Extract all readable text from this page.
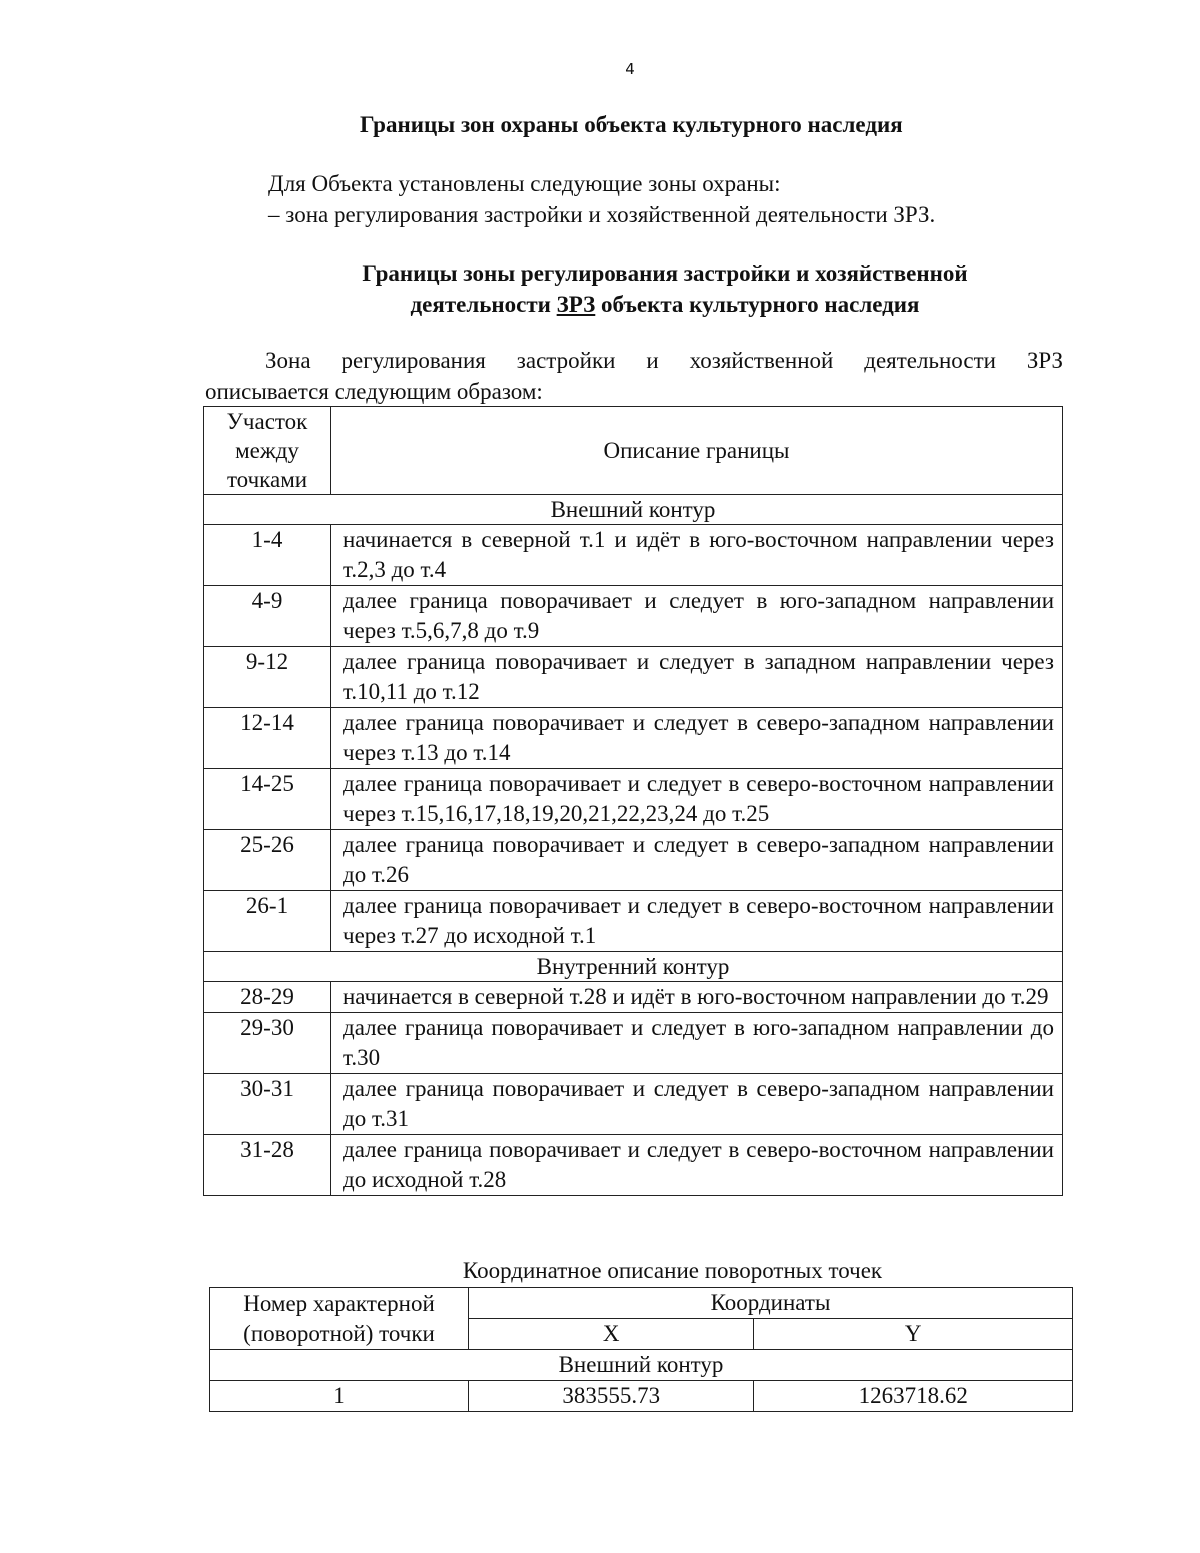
4
Границы зон охраны объекта культурного наследия
Для Объекта установлены следующие зоны охраны:
– зона регулирования застройки и хозяйственной деятельности ЗРЗ.
Границы зоны регулирования застройки и хозяйственной
деятельности ЗРЗ объекта культурного наследия
Зона регулирования застройки и хозяйственной деятельности ЗРЗ
описывается следующим образом:
Участок между точками	Описание границы
Внешний контур	
1-4	начинается в северной т.1 и идёт в юго-восточном направлении через т.2,3 до т.4
4-9	далее граница поворачивает и следует в юго-западном направлении через т.5,6,7,8 до т.9
9-12	далее граница поворачивает и следует в западном направлении через т.10,11 до т.12
12-14	далее граница поворачивает и следует в северо-западном направлении через т.13 до т.14
14-25	далее граница поворачивает и следует в северо-восточном направлении через т.15,16,17,18,19,20,21,22,23,24 до т.25
25-26	далее граница поворачивает и следует в северо-западном направлении до т.26
26-1	далее граница поворачивает и следует в северо-восточном направлении через т.27 до исходной т.1
Внутренний контур	
28-29	начинается в северной т.28 и идёт в юго-восточном направлении до т.29
29-30	далее граница поворачивает и следует в юго-западном направлении до т.30
30-31	далее граница поворачивает и следует в северо-западном направлении до т.31
31-28	далее граница поворачивает и следует в северо-восточном направлении до исходной т.28
Координатное описание поворотных точек
Номер характерной (поворотной) точки	Координаты	
	X	Y
Внешний контур		
1	383555.73	1263718.62
